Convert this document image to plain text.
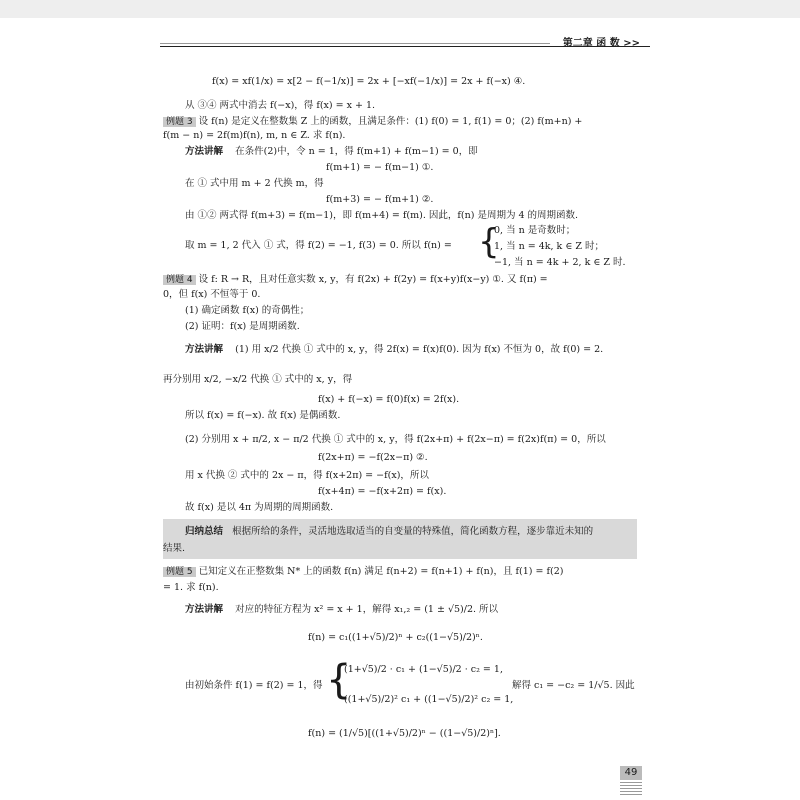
第二章 函 数 >>
f(x) = xf(1/x) = x[2 − f(−1/x)] = 2x + [−xf(−1/x)] = 2x + f(−x) ④.
从 ③④ 两式中消去 f(−x)，得 f(x) = x + 1.
例题 3 设 f(n) 是定义在整数集 Z 上的函数，且满足条件：(1) f(0) = 1, f(1) = 0；(2) f(m+n) +
f(m − n) = 2f(m)f(n), m, n ∈ Z. 求 f(n).
方法讲解 在条件(2)中，令 n = 1，得 f(m+1) + f(m−1) = 0，即
f(m+1) = − f(m−1) ①.
在 ① 式中用 m + 2 代换 m，得
f(m+3) = − f(m+1) ②.
由 ①② 两式得 f(m+3) = f(m−1)，即 f(m+4) = f(m). 因此，f(n) 是周期为 4 的周期函数.
取 m = 1, 2 代入 ① 式，得 f(2) = −1, f(3) = 0. 所以 f(n) = {
0, 当 n 是奇数时；
1, 当 n = 4k, k ∈ Z 时；
−1, 当 n = 4k + 2, k ∈ Z 时.
例题 4 设 f: R → R，且对任意实数 x, y，有 f(2x) + f(2y) = f(x+y)f(x−y) ①. 又 f(π) =
0，但 f(x) 不恒等于 0.
(1) 确定函数 f(x) 的奇偶性；
(2) 证明：f(x) 是周期函数.
方法讲解 (1) 用 x/2 代换 ① 式中的 x, y，得 2f(x) = f(x)f(0). 因为 f(x) 不恒为 0，故 f(0) = 2.
再分别用 x/2, −x/2 代换 ① 式中的 x, y，得
f(x) + f(−x) = f(0)f(x) = 2f(x).
所以 f(x) = f(−x). 故 f(x) 是偶函数.
(2) 分别用 x + π/2, x − π/2 代换 ① 式中的 x, y，得 f(2x+π) + f(2x−π) = f(2x)f(π) = 0，所以
f(2x+π) = −f(2x−π) ②.
用 x 代换 ② 式中的 2x − π，得 f(x+2π) = −f(x)，所以
f(x+4π) = −f(x+2π) = f(x).
故 f(x) 是以 4π 为周期的周期函数.
归纳总结 根据所给的条件，灵活地选取适当的自变量的特殊值，简化函数方程，逐步靠近未知的
结果.
例题 5 已知定义在正整数集 N* 上的函数 f(n) 满足 f(n+2) = f(n+1) + f(n)，且 f(1) = f(2)
= 1. 求 f(n).
方法讲解 对应的特征方程为 x² = x + 1，解得 x₁,₂ = (1 ± √5)/2. 所以
f(n) = c₁((1+√5)/2)ⁿ + c₂((1−√5)/2)ⁿ.
由初始条件 f(1) = f(2) = 1，得 {
(1+√5)/2 · c₁ + (1−√5)/2 · c₂ = 1,
((1+√5)/2)² c₁ + ((1−√5)/2)² c₂ = 1,
解得 c₁ = −c₂ = 1/√5. 因此
f(n) = (1/√5)[((1+√5)/2)ⁿ − ((1−√5)/2)ⁿ].
49
